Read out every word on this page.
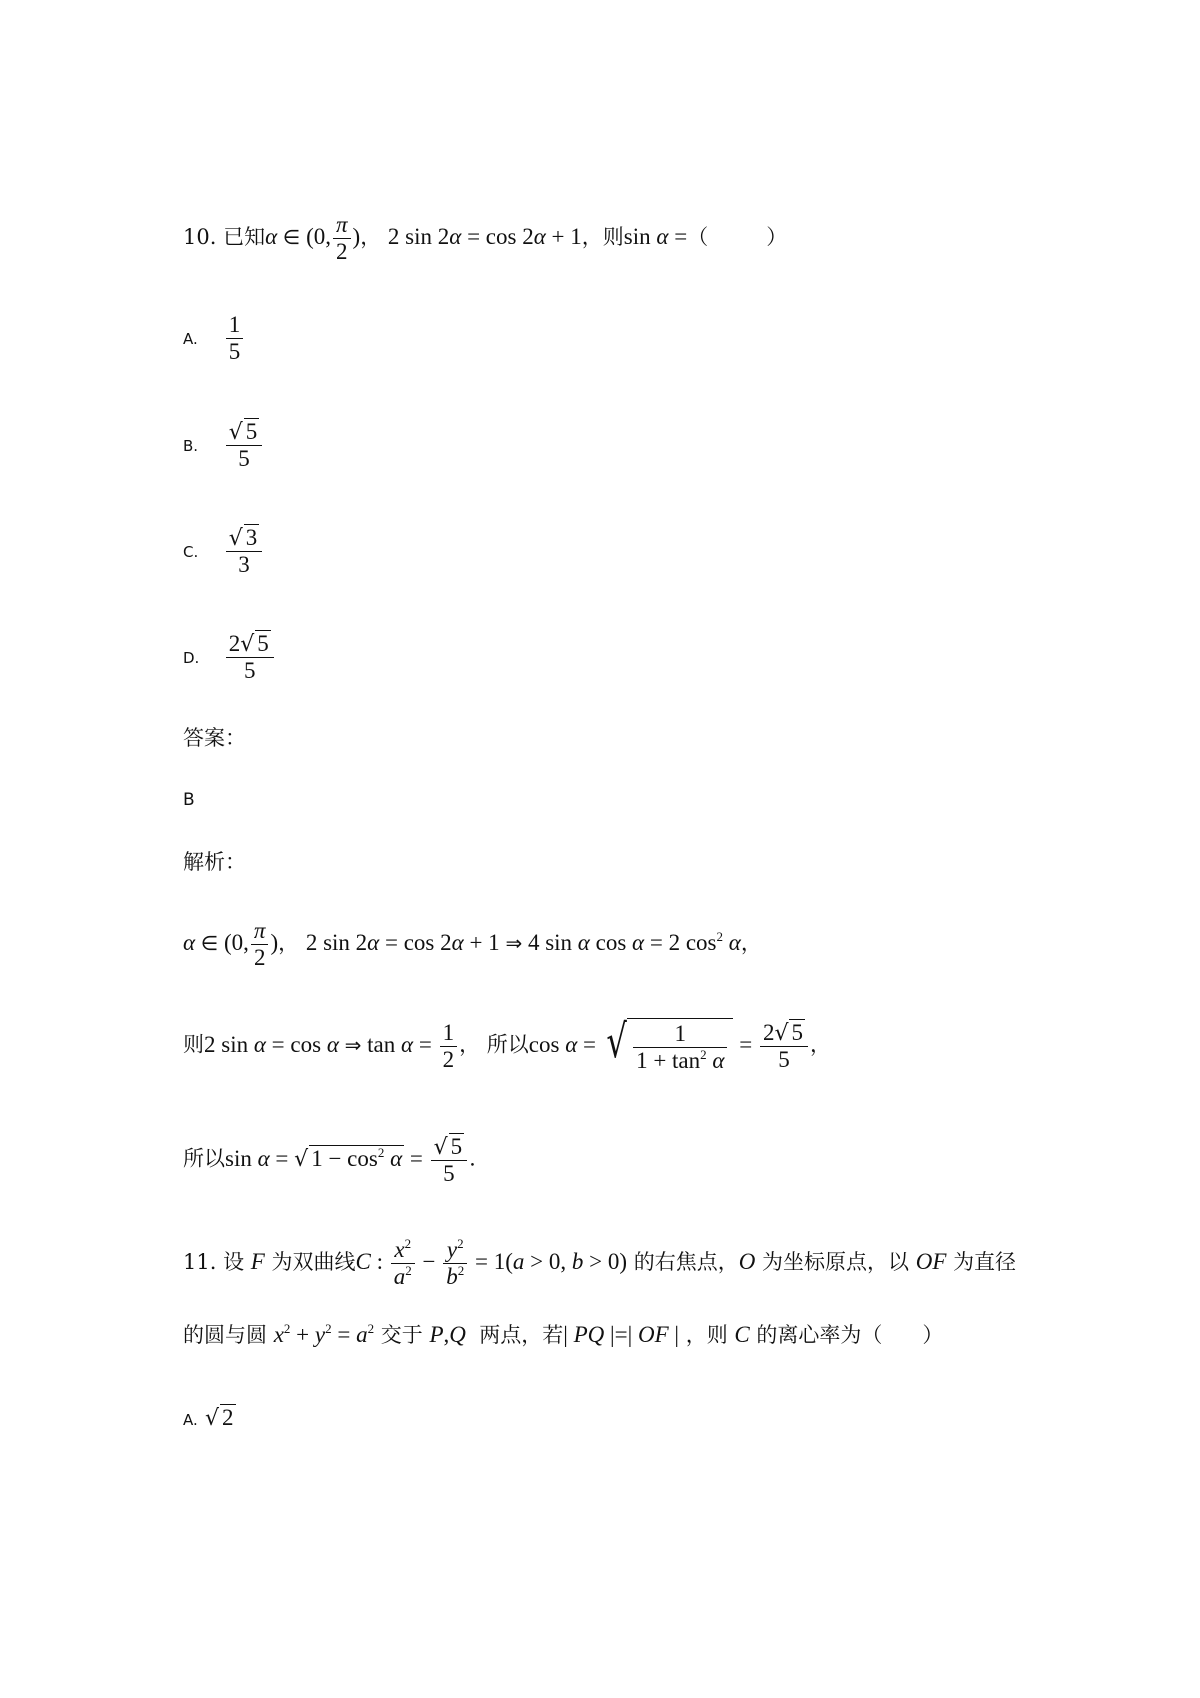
10. 已知α ∈ (0, $\frac{\pi}{2}$ )， 2 sin 2α = cos 2α + 1，则sin α =（	）
A. $\frac{1}{5}$
B. $\frac{√ 5}{5}$
C. $\frac{√ 3}{3}$
D. $\frac{2√ 5}{5}$
答案：
B
解析：
α ∈ (0, $\frac{\pi}{2}$ )， 2 sin 2α = cos 2α + 1 ⇒ 4 sin α cos α = 2 $\cos^2 \alpha$，
则2 sin α = cos α ⇒ $\tan \alpha = \frac{1}{2}$ ， 所以cos α = √ $\frac{1}{1 + \tan^2 \alpha} = \frac{2√ 5}{5}$ ，
所以sin α = √ $1 - \cos^2 \alpha = \frac{√ 5}{5}$ .
11. 设 F 为双曲线C : $\frac{x^2}{a^2} - \frac{y^2}{b^2} = 1(a > 0$, b > 0) 的右焦点，O 为坐标原点，以 OF 为直径
的圆与圆 $x^2 + y^2 = a^2$ 交于 P,Q 两点，若| PQ |=| OF | ，则 C 的离心率为（ ）
A. √ 2
